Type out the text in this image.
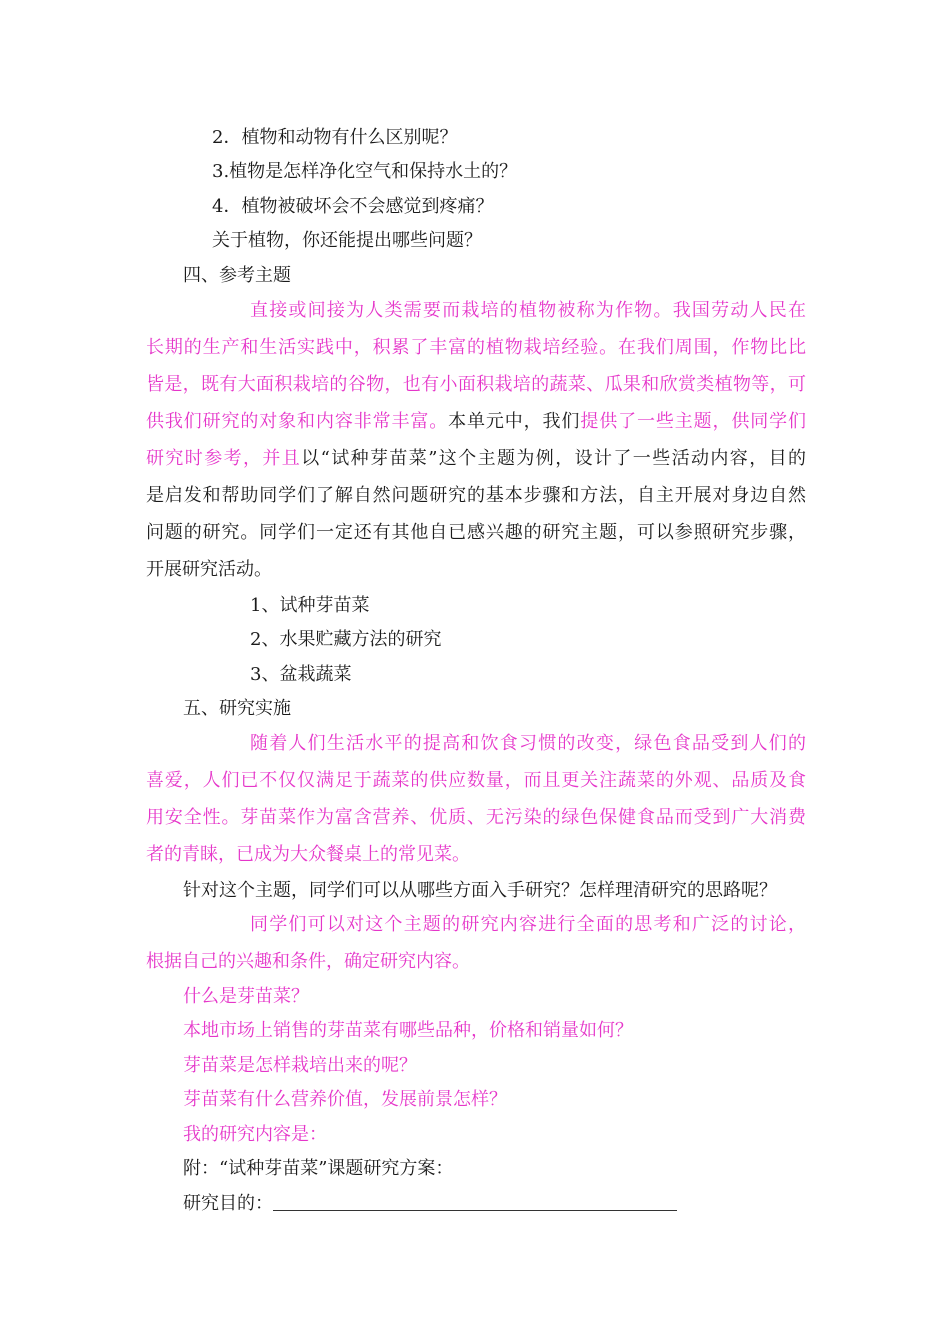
2．植物和动物有什么区别呢？
3.植物是怎样净化空气和保持水土的？
4．植物被破坏会不会感觉到疼痛？
关于植物，你还能提出哪些问题？
四、参考主题
直接或间接为人类需要而栽培的植物被称为作物。我国劳动人民在
长期的生产和生活实践中，积累了丰富的植物栽培经验。在我们周围，作物比比
皆是，既有大面积栽培的谷物，也有小面积栽培的蔬菜、瓜果和欣赏类植物等，可
供我们研究的对象和内容非常丰富。本单元中，我们提供了一些主题，供同学们
研究时参考，并且以“试种芽苗菜”这个主题为例，设计了一些活动内容，目的
是启发和帮助同学们了解自然问题研究的基本步骤和方法，自主开展对身边自然
问题的研究。同学们一定还有其他自已感兴趣的研究主题，可以参照研究步骤，
开展研究活动。
1、试种芽苗菜
2、水果贮藏方法的研究
3、盆栽蔬菜
五、研究实施
随着人们生活水平的提高和饮食习惯的改变，绿色食品受到人们的
喜爱，人们已不仅仅满足于蔬菜的供应数量，而且更关注蔬菜的外观、品质及食
用安全性。芽苗菜作为富含营养、优质、无污染的绿色保健食品而受到广大消费
者的青睐，已成为大众餐桌上的常见菜。
针对这个主题，同学们可以从哪些方面入手研究？怎样理清研究的思路呢？
同学们可以对这个主题的研究内容进行全面的思考和广泛的讨论，
根据自己的兴趣和条件，确定研究内容。
什么是芽苗菜？
本地市场上销售的芽苗菜有哪些品种，价格和销量如何？
芽苗菜是怎样栽培出来的呢？
芽苗菜有什么营养价值，发展前景怎样？
我的研究内容是：
附：“试种芽苗菜”课题研究方案：
研究目的：
